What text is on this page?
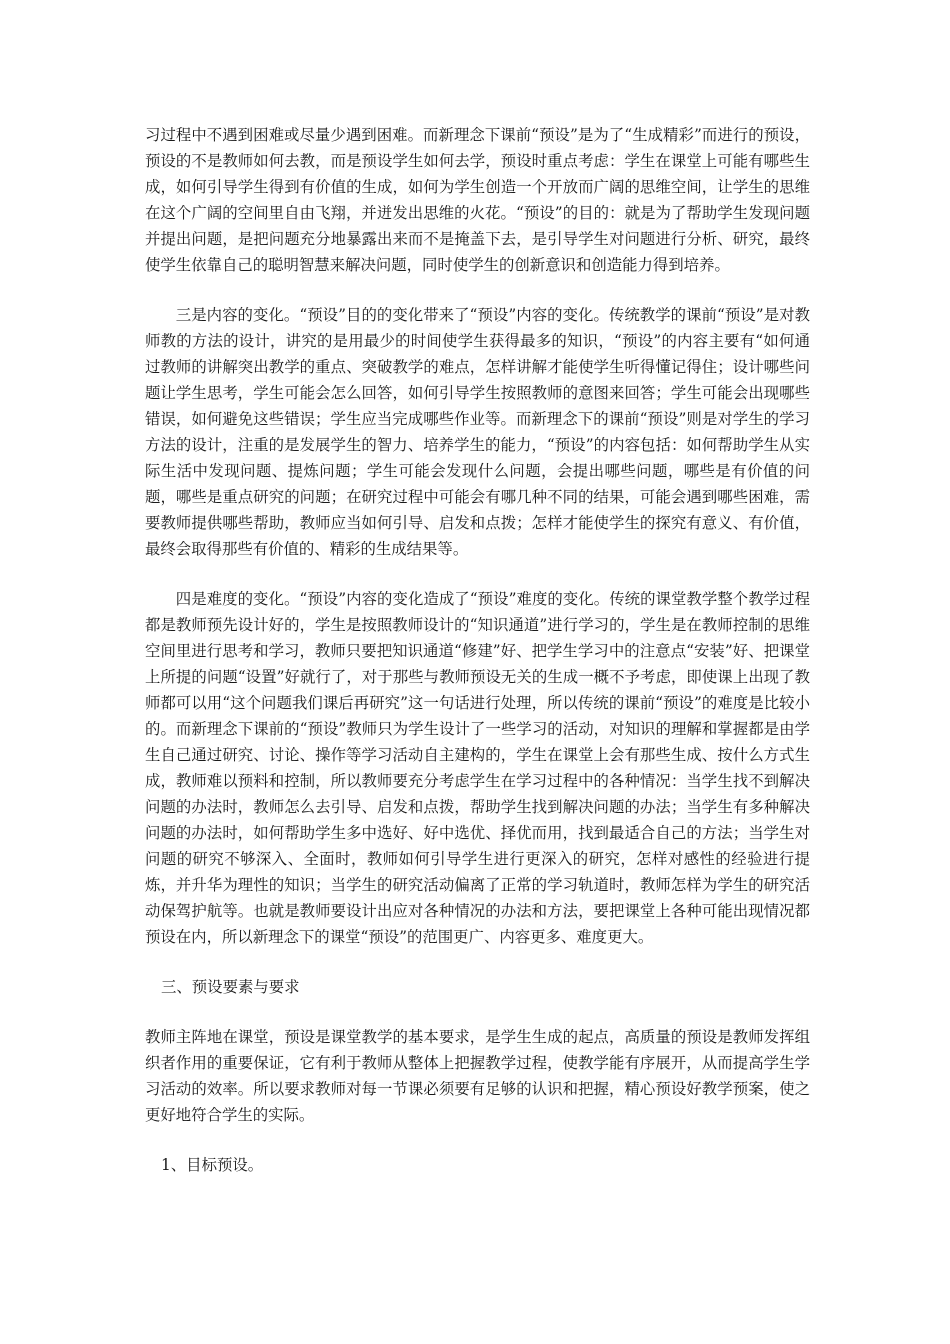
习过程中不遇到困难或尽量少遇到困难。而新理念下课前“预设”是为了“生成精彩”而进行的预设，预设的不是教师如何去教，而是预设学生如何去学，预设时重点考虑：学生在课堂上可能有哪些生成，如何引导学生得到有价值的生成，如何为学生创造一个开放而广阔的思维空间，让学生的思维在这个广阔的空间里自由飞翔，并迸发出思维的火花。“预设”的目的：就是为了帮助学生发现问题并提出问题，是把问题充分地暴露出来而不是掩盖下去，是引导学生对问题进行分析、研究，最终使学生依靠自己的聪明智慧来解决问题，同时使学生的创新意识和创造能力得到培养。

三是内容的变化。“预设”目的的变化带来了“预设”内容的变化。传统教学的课前“预设”是对教师教的方法的设计，讲究的是用最少的时间使学生获得最多的知识，“预设”的内容主要有“如何通过教师的讲解突出教学的重点、突破教学的难点，怎样讲解才能使学生听得懂记得住；设计哪些问题让学生思考，学生可能会怎么回答，如何引导学生按照教师的意图来回答；学生可能会出现哪些错误，如何避免这些错误；学生应当完成哪些作业等。而新理念下的课前“预设”则是对学生的学习方法的设计，注重的是发展学生的智力、培养学生的能力，“预设”的内容包括：如何帮助学生从实际生活中发现问题、提炼问题；学生可能会发现什么问题，会提出哪些问题，哪些是有价值的问题，哪些是重点研究的问题；在研究过程中可能会有哪几种不同的结果，可能会遇到哪些困难，需要教师提供哪些帮助，教师应当如何引导、启发和点拨；怎样才能使学生的探究有意义、有价值，最终会取得那些有价值的、精彩的生成结果等。

四是难度的变化。“预设”内容的变化造成了“预设”难度的变化。传统的课堂教学整个教学过程都是教师预先设计好的，学生是按照教师设计的“知识通道”进行学习的，学生是在教师控制的思维空间里进行思考和学习，教师只要把知识通道“修建”好、把学生学习中的注意点“安装”好、把课堂上所提的问题“设置”好就行了，对于那些与教师预设无关的生成一概不予考虑，即使课上出现了教师都可以用“这个问题我们课后再研究”这一句话进行处理，所以传统的课前“预设”的难度是比较小的。而新理念下课前的“预设”教师只为学生设计了一些学习的活动，对知识的理解和掌握都是由学生自己通过研究、讨论、操作等学习活动自主建构的，学生在课堂上会有那些生成、按什么方式生成，教师难以预料和控制，所以教师要充分考虑学生在学习过程中的各种情况：当学生找不到解决问题的办法时，教师怎么去引导、启发和点拨，帮助学生找到解决问题的办法；当学生有多种解决问题的办法时，如何帮助学生多中选好、好中选优、择优而用，找到最适合自己的方法；当学生对问题的研究不够深入、全面时，教师如何引导学生进行更深入的研究，怎样对感性的经验进行提炼，并升华为理性的知识；当学生的研究活动偏离了正常的学习轨道时，教师怎样为学生的研究活动保驾护航等。也就是教师要设计出应对各种情况的办法和方法，要把课堂上各种可能出现情况都预设在内，所以新理念下的课堂“预设”的范围更广、内容更多、难度更大。

三、预设要素与要求

教师主阵地在课堂，预设是课堂教学的基本要求，是学生生成的起点，高质量的预设是教师发挥组织者作用的重要保证，它有利于教师从整体上把握教学过程，使教学能有序展开，从而提高学生学习活动的效率。所以要求教师对每一节课必须要有足够的认识和把握，精心预设好教学预案，使之更好地符合学生的实际。

1、目标预设。
